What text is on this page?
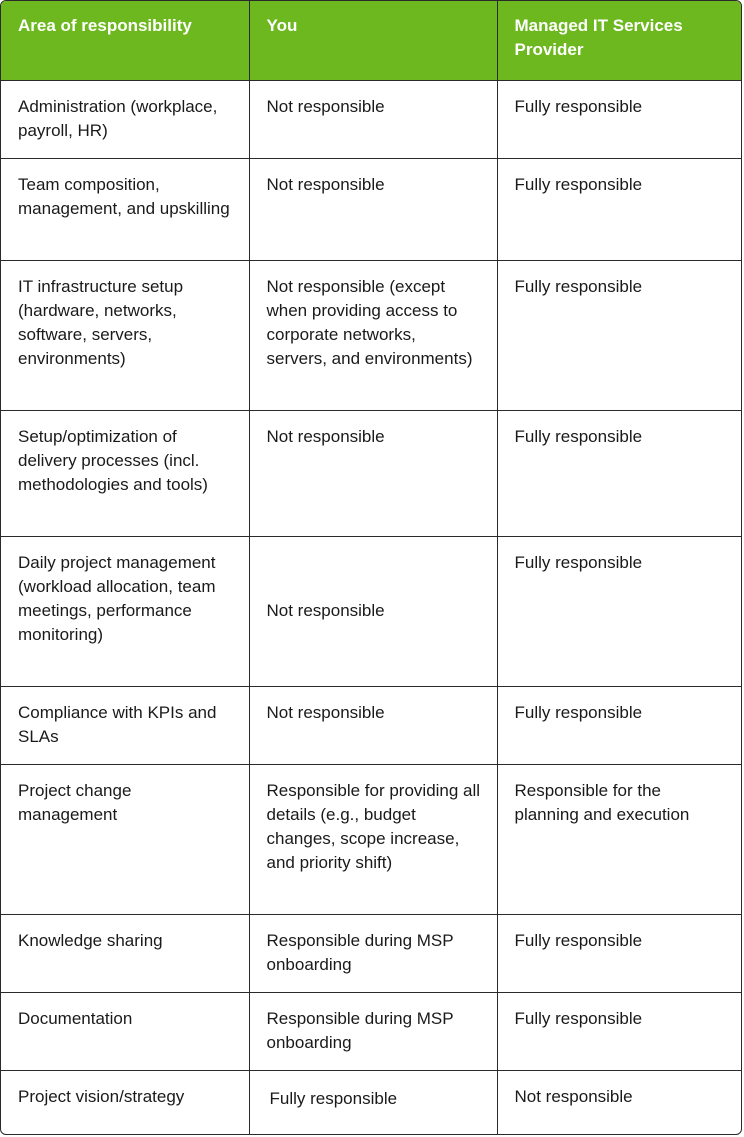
Area of responsibility	You	Managed IT Services Provider
Administration (workplace, payroll, HR)	Not responsible	Fully responsible
Team composition, management, and upskilling	Not responsible	Fully responsible
IT infrastructure setup (hardware, networks, software, servers, environments)	Not responsible (except when providing access to corporate networks, servers, and environments)	Fully responsible
Setup/optimization of delivery processes (incl. methodologies and tools)	Not responsible	Fully responsible
Daily project management (workload allocation, team meetings, performance monitoring)	Not responsible	Fully responsible
Compliance with KPIs and SLAs	Not responsible	Fully responsible
Project change management	Responsible for providing all details (e.g., budget changes, scope increase, and priority shift)	Responsible for the planning and execution
Knowledge sharing	Responsible during MSP onboarding	Fully responsible
Documentation	Responsible during MSP onboarding	Fully responsible
Project vision/strategy	Fully responsible	Not responsible
